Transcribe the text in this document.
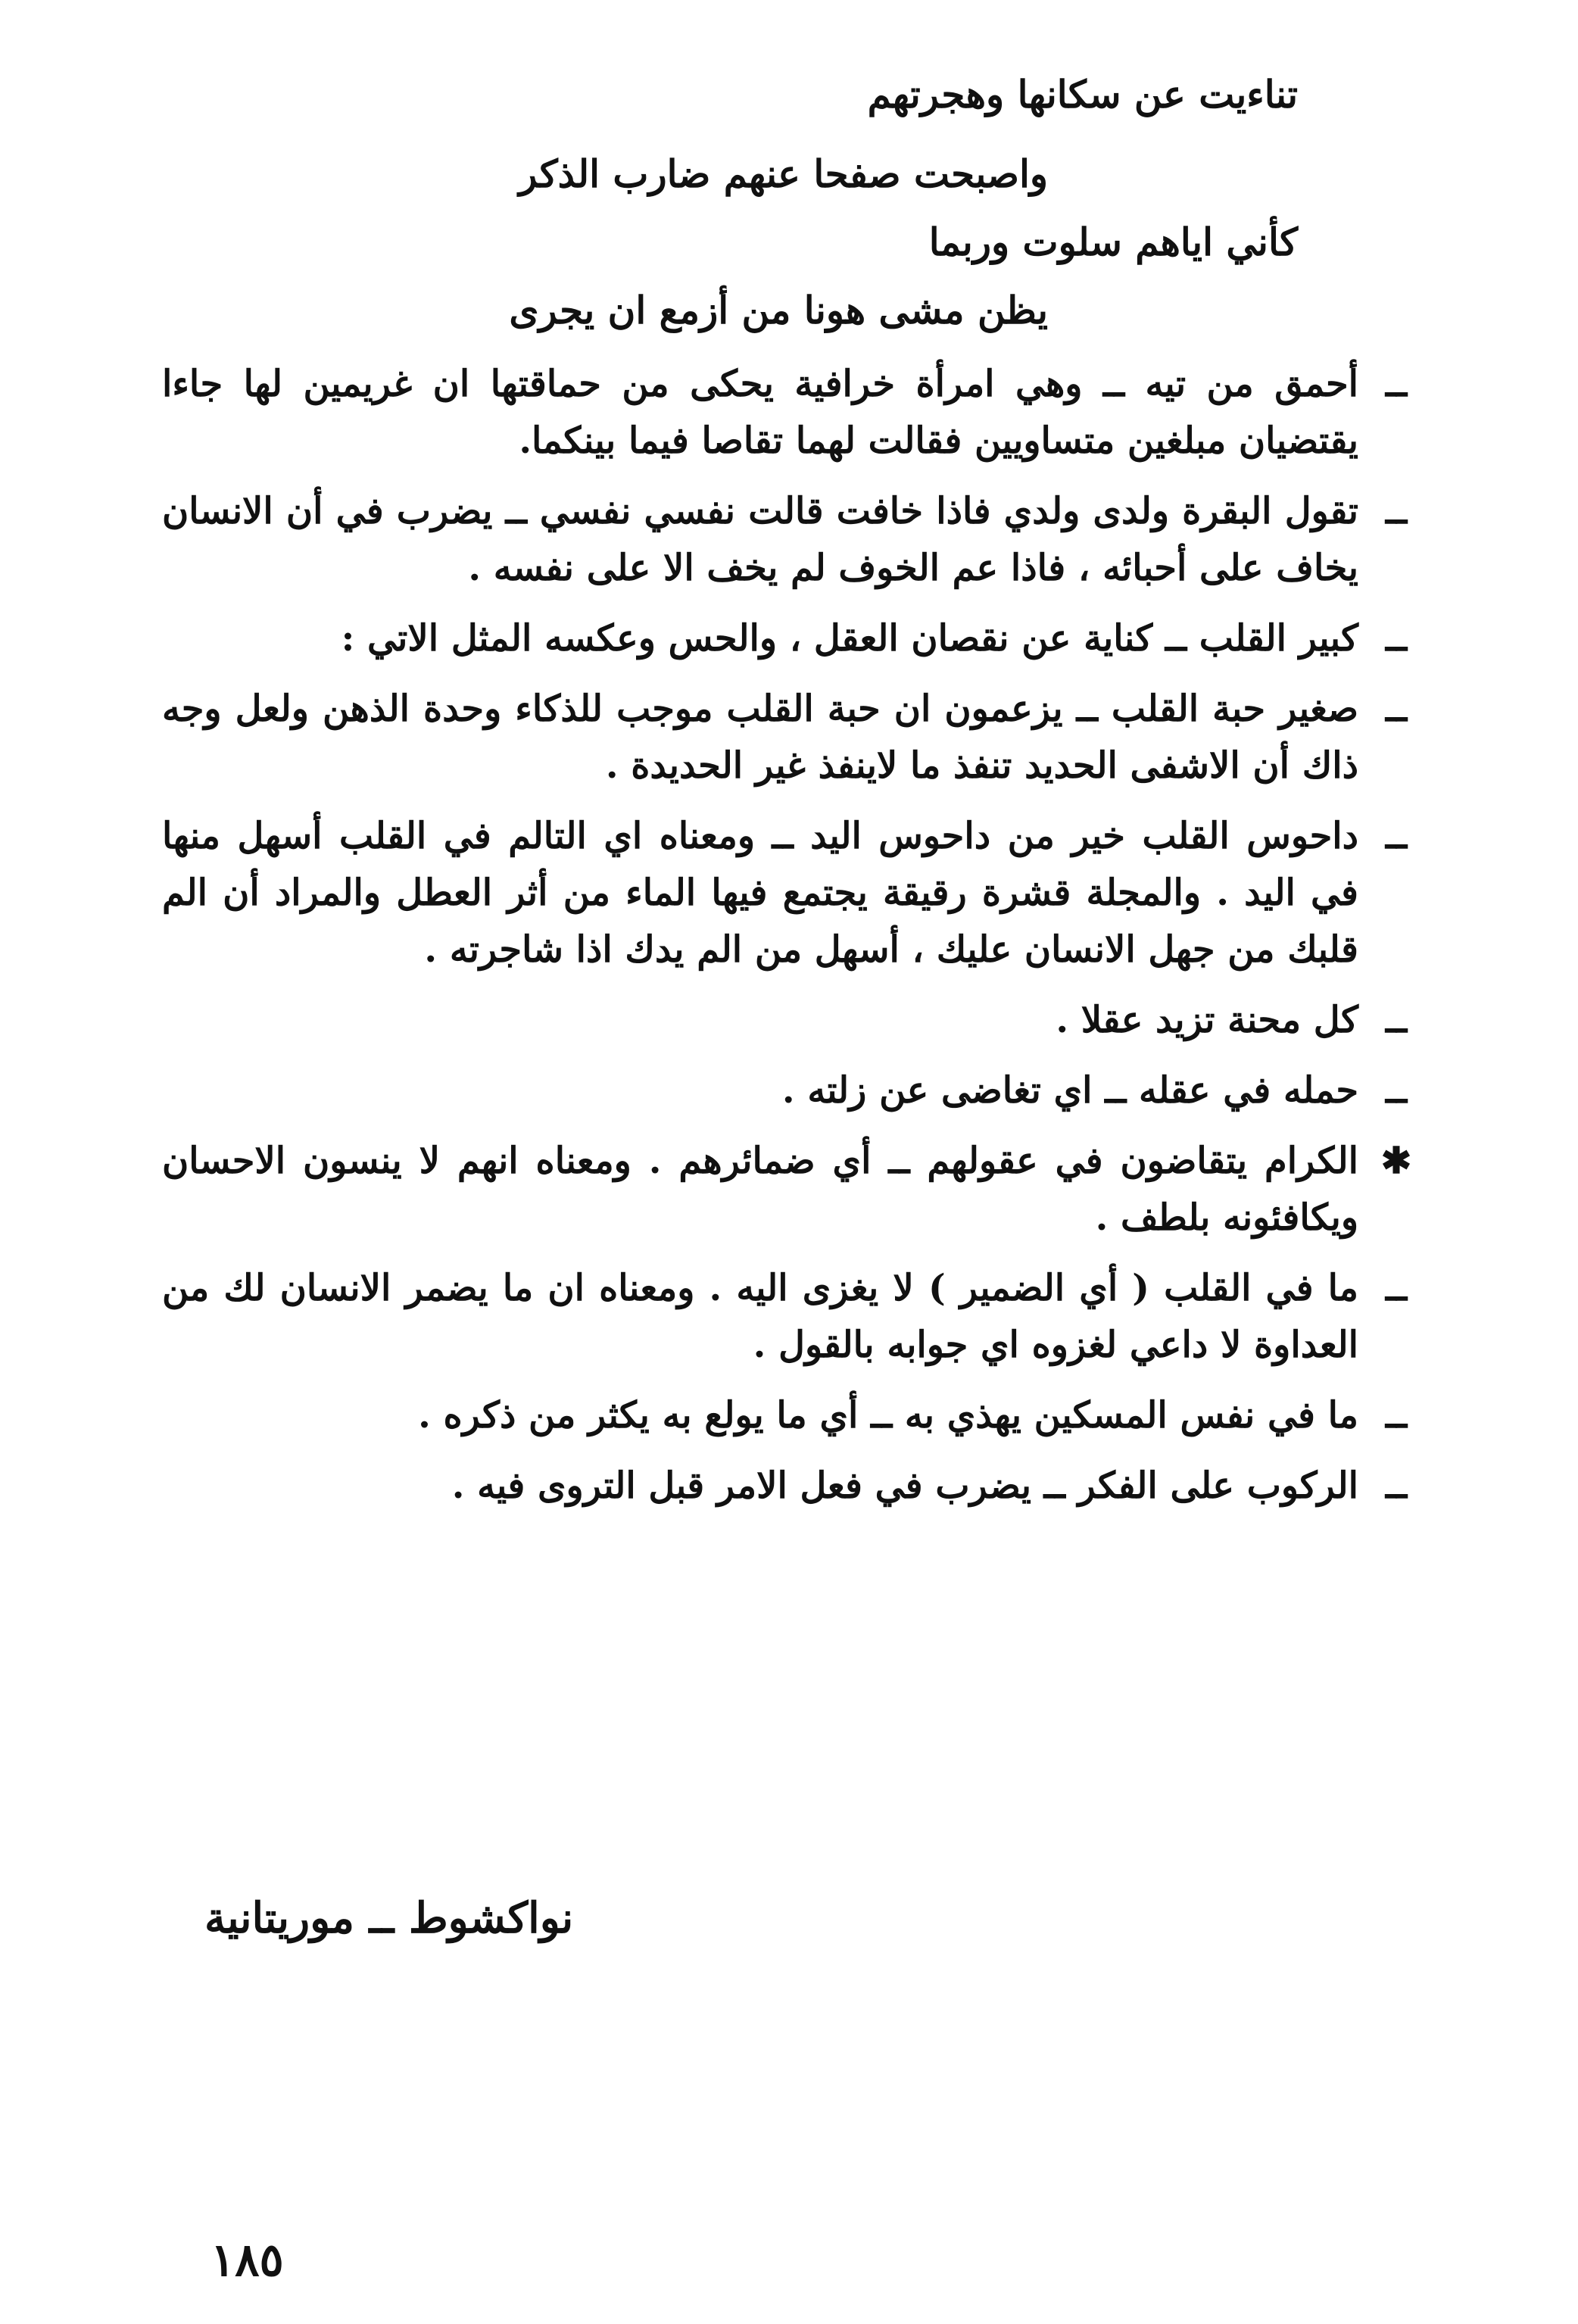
تناءيت عن سكانها وهجرتهم
واصبحت صفحا عنهم ضارب الذكر
كأني اياهم سلوت وربما
يظن مشى هونا من أزمع ان يجرى
ــ
أحمق من تيه ــ وهي امرأة خرافية يحكى من حماقتها ان غريمين لها جاءا يقتضيان مبلغين متساويين فقالت لهما تقاصا فيما بينكما.
ــ
تقول البقرة ولدى ولدي فاذا خافت قالت نفسي نفسي ــ يضرب في أن الانسان يخاف على أحبائه ، فاذا عم الخوف لم يخف الا على نفسه .
ــ
كبير القلب ــ كناية عن نقصان العقل ، والحس وعكسه المثل الاتي :
ــ
صغير حبة القلب ــ يزعمون ان حبة القلب موجب للذكاء وحدة الذهن ولعل وجه ذاك أن الاشفى الحديد تنفذ ما لاينفذ غير الحديدة .
ــ
داحوس القلب خير من داحوس اليد ــ ومعناه اي التالم في القلب أسهل منها في اليد . والمجلة قشرة رقيقة يجتمع فيها الماء من أثر العطل والمراد أن الم قلبك من جهل الانسان عليك ، أسهل من الم يدك اذا شاجرته .
ــ
كل محنة تزيد عقلا .
ــ
حمله في عقله ــ اي تغاضى عن زلته .
✱
الكرام يتقاضون في عقولهم ــ أي ضمائرهم . ومعناه انهم لا ينسون الاحسان ويكافئونه بلطف .
ــ
ما في القلب ( أي الضمير ) لا يغزى اليه . ومعناه ان ما يضمر الانسان لك من العداوة لا داعي لغزوه اي جوابه بالقول .
ــ
ما في نفس المسكين يهذي به ــ أي ما يولع به يكثر من ذكره .
ــ
الركوب على الفكر ــ يضرب في فعل الامر قبل التروى فيه .
نواكشوط ــ موريتانية
١٨٥
